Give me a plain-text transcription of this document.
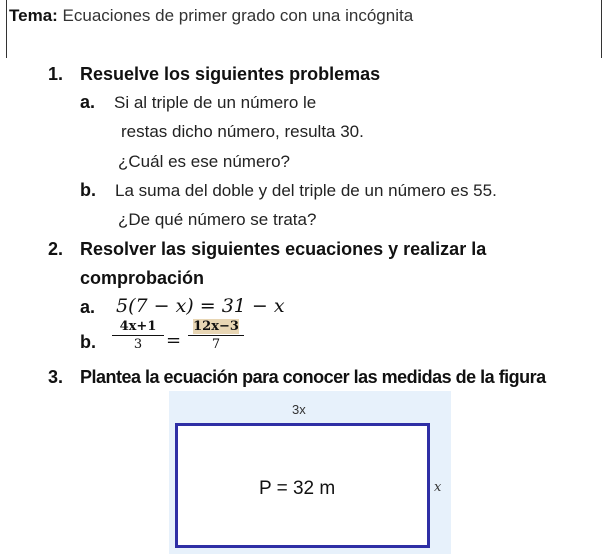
Tema: Ecuaciones de primer grado con una incógnita
1. Resuelve los siguientes problemas
a. Si al triple de un número le
restas dicho número, resulta 30.
¿Cuál es ese número?
b. La suma del doble y del triple de un número es 55.
¿De qué número se trata?
2. Resolver las siguientes ecuaciones y realizar la
comprobación
a. 5(7 − x) = 31 − x
b.
4x+1
3	=
12x−3
7
3. Plantea la ecuación para conocer las medidas de la figura
3x
P = 32 m	x
